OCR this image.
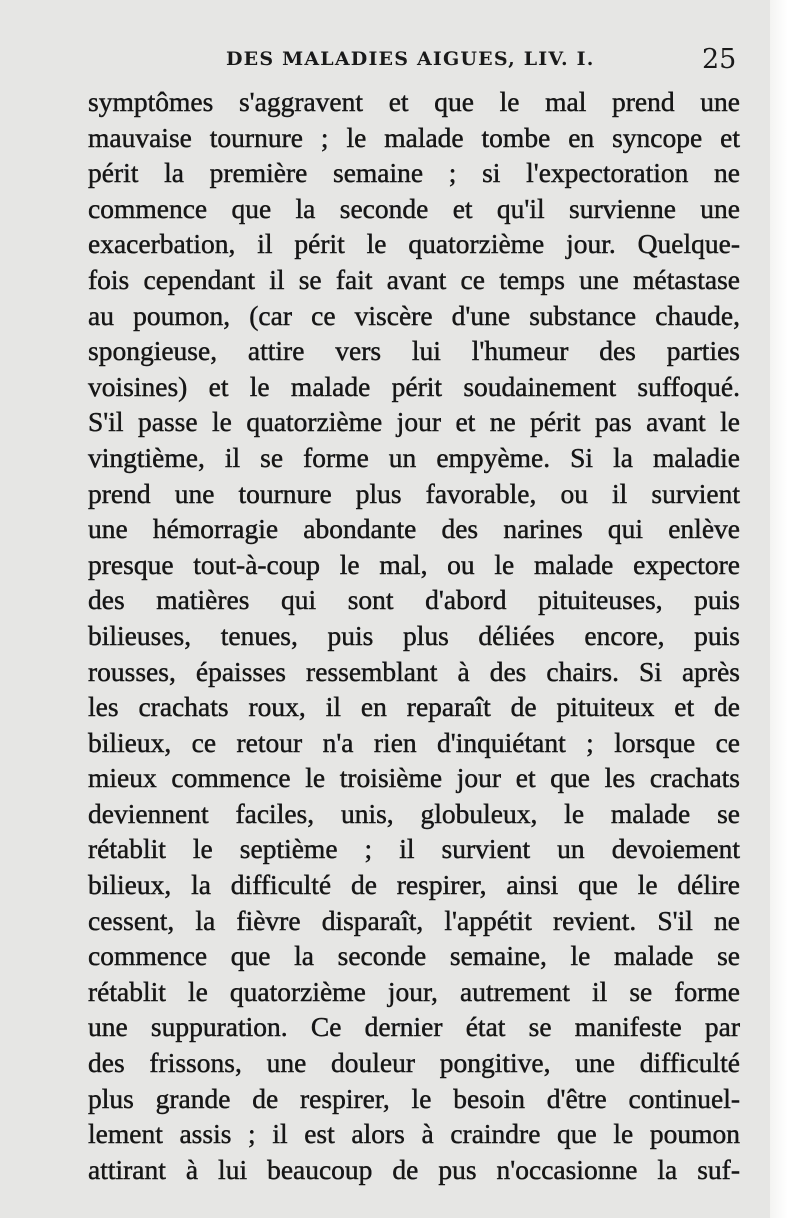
DES MALADIES AIGUES, LIV. I.	25
symptômes s'aggravent et que le mal prend une
mauvaise tournure ; le malade tombe en syncope et
périt la première semaine ; si l'expectoration ne
commence que la seconde et qu'il survienne une
exacerbation, il périt le quatorzième jour. Quelque-
fois cependant il se fait avant ce temps une métastase
au poumon, (car ce viscère d'une substance chaude,
spongieuse, attire vers lui l'humeur des parties
voisines) et le malade périt soudainement suffoqué.
S'il passe le quatorzième jour et ne périt pas avant le
vingtième, il se forme un empyème. Si la maladie
prend une tournure plus favorable, ou il survient
une hémorragie abondante des narines qui enlève
presque tout-à-coup le mal, ou le malade expectore
des matières qui sont d'abord pituiteuses, puis
bilieuses, tenues, puis plus déliées encore, puis
rousses, épaisses ressemblant à des chairs. Si après
les crachats roux, il en reparaît de pituiteux et de
bilieux, ce retour n'a rien d'inquiétant ; lorsque ce
mieux commence le troisième jour et que les crachats
deviennent faciles, unis, globuleux, le malade se
rétablit le septième ; il survient un devoiement
bilieux, la difficulté de respirer, ainsi que le délire
cessent, la fièvre disparaît, l'appétit revient. S'il ne
commence que la seconde semaine, le malade se
rétablit le quatorzième jour, autrement il se forme
une suppuration. Ce dernier état se manifeste par
des frissons, une douleur pongitive, une difficulté
plus grande de respirer, le besoin d'être continuel-
lement assis ; il est alors à craindre que le poumon
attirant à lui beaucoup de pus n'occasionne la suf-
